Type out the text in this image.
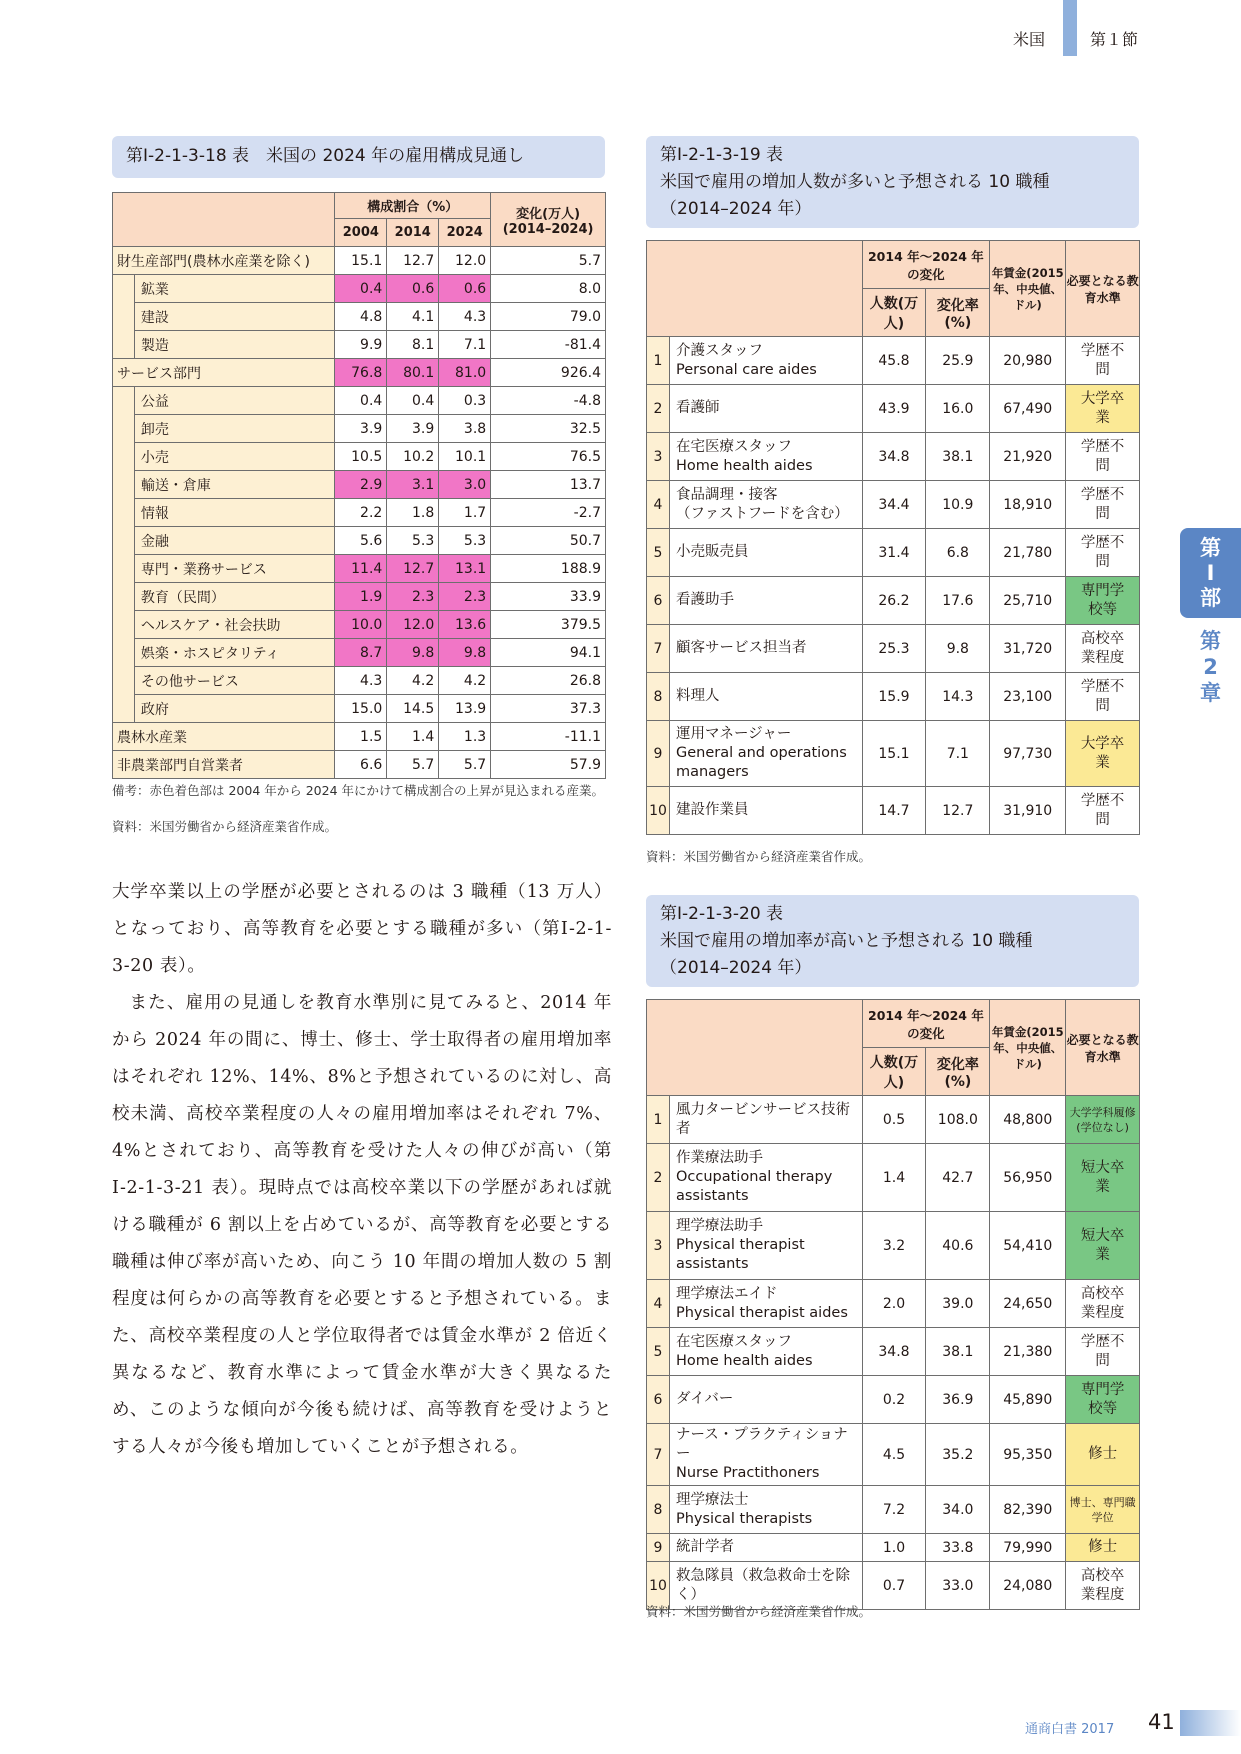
米国	第１節
第
Ⅰ
部
第
2
章
第Ⅰ-2-1-3-18 表　米国の 2024 年の雇用構成見通し
		構成割合（%）			変化(万人)
(2014–2024)

		2004	2014	2024	
財生産部門(農林水産業を除く)		15.1	12.7	12.0	5.7
	鉱業	0.4	0.6	0.6	8.0
	建設	4.8	4.1	4.3	79.0
	製造	9.9	8.1	7.1	-81.4
サービス部門		76.8	80.1	81.0	926.4
	公益	0.4	0.4	0.3	-4.8
	卸売	3.9	3.9	3.8	32.5
	小売	10.5	10.2	10.1	76.5
	輸送・倉庫	2.9	3.1	3.0	13.7
	情報	2.2	1.8	1.7	-2.7
	金融	5.6	5.3	5.3	50.7
	専門・業務サービス	11.4	12.7	13.1	188.9
	教育（民間）	1.9	2.3	2.3	33.9
	ヘルスケア・社会扶助	10.0	12.0	13.6	379.5
	娯楽・ホスピタリティ	8.7	9.8	9.8	94.1
	その他サービス	4.3	4.2	4.2	26.8
	政府	15.0	14.5	13.9	37.3
農林水産業		1.5	1.4	1.3	-11.1
非農業部門自営業者		6.6	5.7	5.7	57.9
備考：赤色着色部は 2004 年から 2024 年にかけて構成割合の上昇が見込まれる産業。
資料：米国労働省から経済産業省作成。

大学卒業以上の学歴が必要とされるのは 3 職種（13 万人）となっており、高等教育を必要とする職種が多い（第Ⅰ-2-1-3-20 表）。

また、雇用の見通しを教育水準別に見てみると、2014 年から 2024 年の間に、博士、修士、学士取得者の雇用増加率はそれぞれ 12%、14%、8%と予想されているのに対し、高校未満、高校卒業程度の人々の雇用増加率はそれぞれ 7%、4%とされており、高等教育を受けた人々の伸びが高い（第Ⅰ-2-1-3-21 表）。現時点では高校卒業以下の学歴があれば就ける職種が 6 割以上を占めているが、高等教育を必要とする職種は伸び率が高いため、向こう 10 年間の増加人数の 5 割程度は何らかの高等教育を必要とすると予想されている。また、高校卒業程度の人と学位取得者では賃金水準が 2 倍近く異なるなど、教育水準によって賃金水準が大きく異なるため、このような傾向が今後も続けば、高等教育を受けようとする人々が今後も増加していくことが予想される。

第Ⅰ-2-1-3-19 表
米国で雇用の増加人数が多いと予想される 10 職種
（2014–2024 年）
		2014 年〜2024 年の変化		年賃金(2015 年、中央値、ドル)	必要となる教育水準
		人数(万人)	変化率(%)		
1	介護スタッフ
Personal care aides	45.8	25.9	20,980	学歴不問
2	看護師	43.9	16.0	67,490	大学卒業
3	在宅医療スタッフ
Home health aides	34.8	38.1	21,920	学歴不問
4	食品調理・接客
（ファストフードを含む）	34.4	10.9	18,910	学歴不問
5	小売販売員	31.4	6.8	21,780	学歴不問
6	看護助手	26.2	17.6	25,710	専門学校等
7	顧客サービス担当者	25.3	9.8	31,720	高校卒業程度
8	料理人	15.9	14.3	23,100	学歴不問
9	運用マネージャー
General and operations managers	15.1	7.1	97,730	大学卒業
10	建設作業員	14.7	12.7	31,910	学歴不問
資料：米国労働省から経済産業省作成。
第Ⅰ-2-1-3-20 表
米国で雇用の増加率が高いと予想される 10 職種
（2014–2024 年）
		2014 年〜2024 年の変化		年賃金(2015 年、中央値、ドル)	必要となる教育水準
		人数(万人)	変化率(%)		
1	風力タービンサービス技術者	0.5	108.0	48,800	大学学科履修(学位なし)
2	作業療法助手
Occupational therapy assistants	1.4	42.7	56,950	短大卒業
3	理学療法助手
Physical therapist assistants	3.2	40.6	54,410	短大卒業
4	理学療法エイド
Physical therapist aides	2.0	39.0	24,650	高校卒業程度
5	在宅医療スタッフ
Home health aides	34.8	38.1	21,380	学歴不問
6	ダイバー	0.2	36.9	45,890	専門学校等
7	ナース・プラクティショナー
Nurse Practithoners	4.5	35.2	95,350	修士
8	理学療法士
Physical therapists	7.2	34.0	82,390	博士、専門職学位
9	統計学者	1.0	33.8	79,990	修士
10	救急隊員（救急救命士を除く）	0.7	33.0	24,080	高校卒業程度
資料：米国労働省から経済産業省作成。
通商白書 2017 41
